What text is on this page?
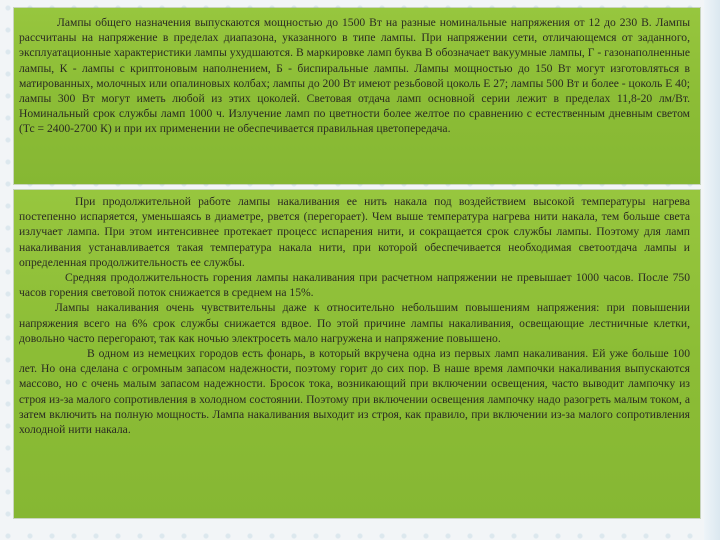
Лампы общего назначения выпускаются мощностью до 1500 Вт на разные номинальные напряжения от 12 до 230 В. Лампы рассчитаны на напряжение в пределах диапазона, указанного в типе лампы. При напряжении сети, отличающемся от заданного, эксплуатационные характеристики лампы ухудшаются. В маркировке ламп буква В обозначает вакуумные лампы, Г - газонаполненные лампы, К - лампы с криптоновым наполнением, Б - биспиральные лампы. Лампы мощностью до 150 Вт могут изготовляться в матированных, молочных или опалиновых колбах; лампы до 200 Вт имеют резьбовой цоколь Е 27; лампы 500 Вт и более - цоколь Е 40; лампы 300 Вт могут иметь любой из этих цоколей. Световая отдача ламп основной серии лежит в пределах 11,8-20 лм/Вт. Номинальный срок службы ламп 1000 ч. Излучение ламп по цветности более желтое по сравнению с естественным дневным светом (Тс = 2400-2700 К) и при их применении не обеспечивается правильная цветопередача.

При продолжительной работе лампы накаливания ее нить накала под воздействием высокой температуры нагрева постепенно испаряется, уменьшаясь в диаметре, рвется (перегорает). Чем выше температура нагрева нити накала, тем больше света излучает лампа. При этом интенсивнее протекает процесс испарения нити, и сокращается срок службы лампы. Поэтому для ламп накаливания устанавливается такая температура накала нити, при которой обеспечивается необходимая светоотдача лампы и определенная продолжительность ее службы.

Средняя продолжительность горения лампы накаливания при расчетном напряжении не превышает 1000 часов. После 750 часов горения световой поток снижается в среднем на 15%.

Лампы накаливания очень чувствительны даже к относительно небольшим повышениям напряжения: при повышении напряжения всего на 6% срок службы снижается вдвое. По этой причине лампы накаливания, освещающие лестничные клетки, довольно часто перегорают, так как ночью электросеть мало нагружена и напряжение повышено.

В одном из немецких городов есть фонарь, в который вкручена одна из первых ламп накаливания. Ей уже больше 100 лет. Но она сделана с огромным запасом надежности, поэтому горит до сих пор. В наше время лампочки накаливания выпускаются массово, но с очень малым запасом надежности. Бросок тока, возникающий при включении освещения, часто выводит лампочку из строя из-за малого сопротивления в холодном состоянии. Поэтому при включении освещения лампочку надо разогреть малым током, а затем включить на полную мощность. Лампа накаливания выходит из строя, как правило, при включении из-за малого сопротивления холодной нити накала.
